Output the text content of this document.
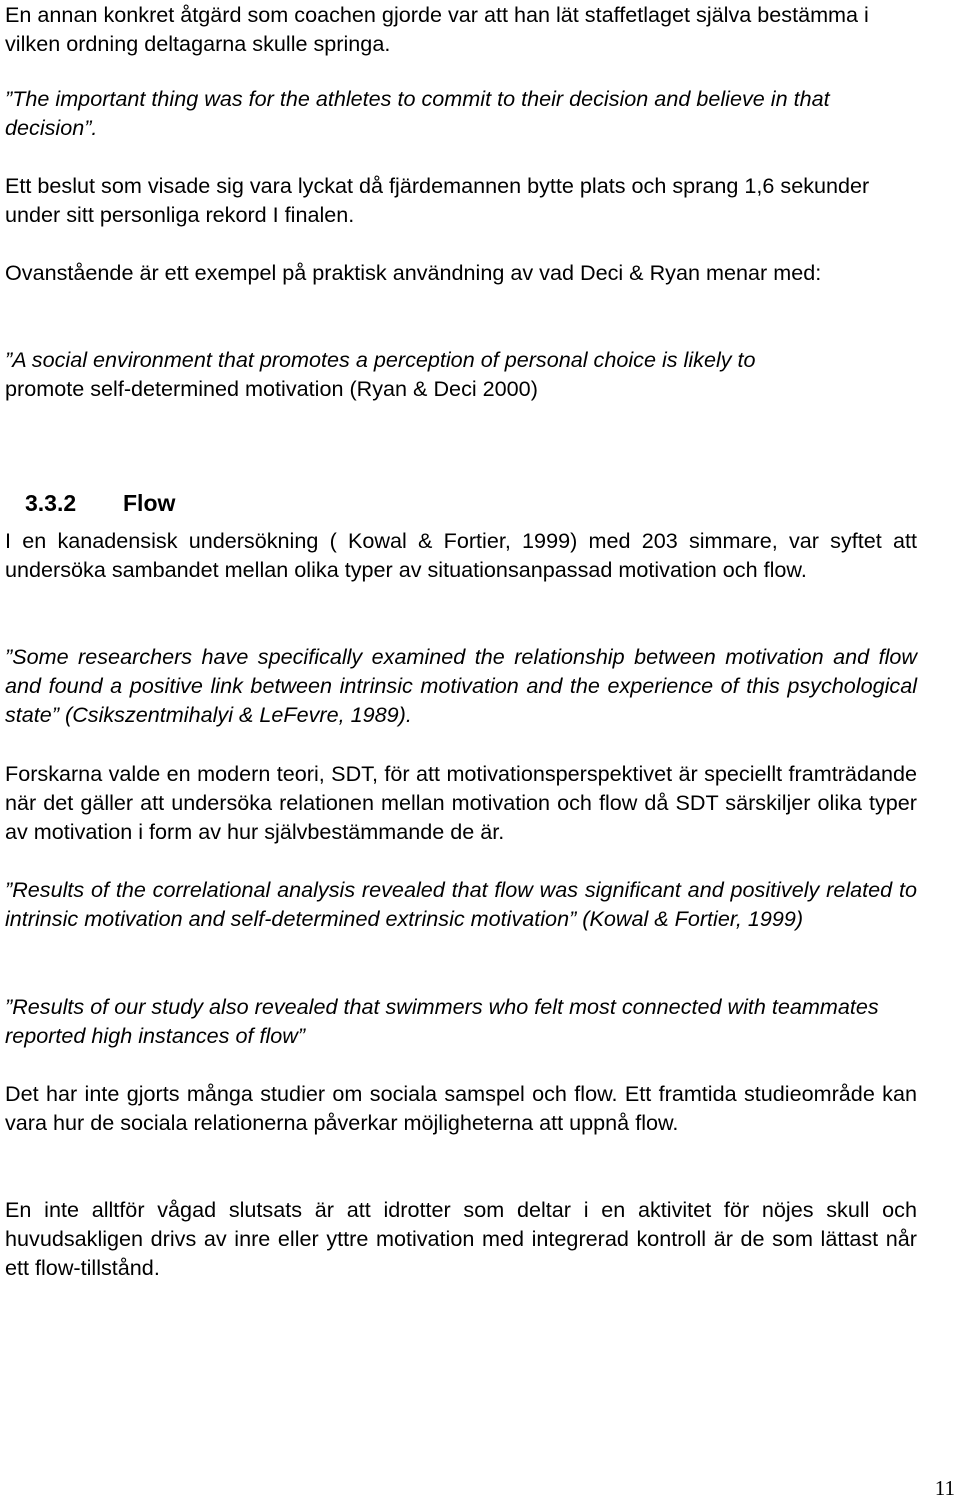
En annan konkret åtgärd som coachen gjorde var att han lät staffetlaget själva bestämma i vilken ordning deltagarna skulle springa.

”The important thing was for the athletes to commit to their decision and believe in that decision”.

Ett beslut som visade sig vara lyckat då fjärdemannen bytte plats och sprang 1,6 sekunder under sitt personliga rekord I finalen.

Ovanstående är ett exempel på praktisk användning av vad Deci & Ryan menar med:

”A social environment that promotes a perception of personal choice is likely to

promote self-determined motivation (Ryan & Deci 2000)

3.3.2 Flow

I en kanadensisk undersökning ( Kowal & Fortier, 1999) med 203 simmare, var syftet att undersöka sambandet mellan olika typer av situationsanpassad motivation och flow.

”Some researchers have specifically examined the relationship between motivation and flow and found a positive link between intrinsic motivation and the experience of this psychological state” (Csikszentmihalyi & LeFevre, 1989).

Forskarna valde en modern teori, SDT, för att motivationsperspektivet är speciellt framträdande när det gäller att undersöka relationen mellan motivation och flow då SDT särskiljer olika typer av motivation i form av hur självbestämmande de är.

”Results of the correlational analysis revealed that flow was significant and positively related to intrinsic motivation and self-determined extrinsic motivation” (Kowal & Fortier, 1999)

”Results of our study also revealed that swimmers who felt most connected with teammates reported high instances of flow”

Det har inte gjorts många studier om sociala samspel och flow. Ett framtida studieområde kan vara hur de sociala relationerna påverkar möjligheterna att uppnå flow.

En inte alltför vågad slutsats är att idrotter som deltar i en aktivitet för nöjes skull och huvudsakligen drivs av inre eller yttre motivation med integrerad kontroll är de som lättast når ett flow-tillstånd.

11
